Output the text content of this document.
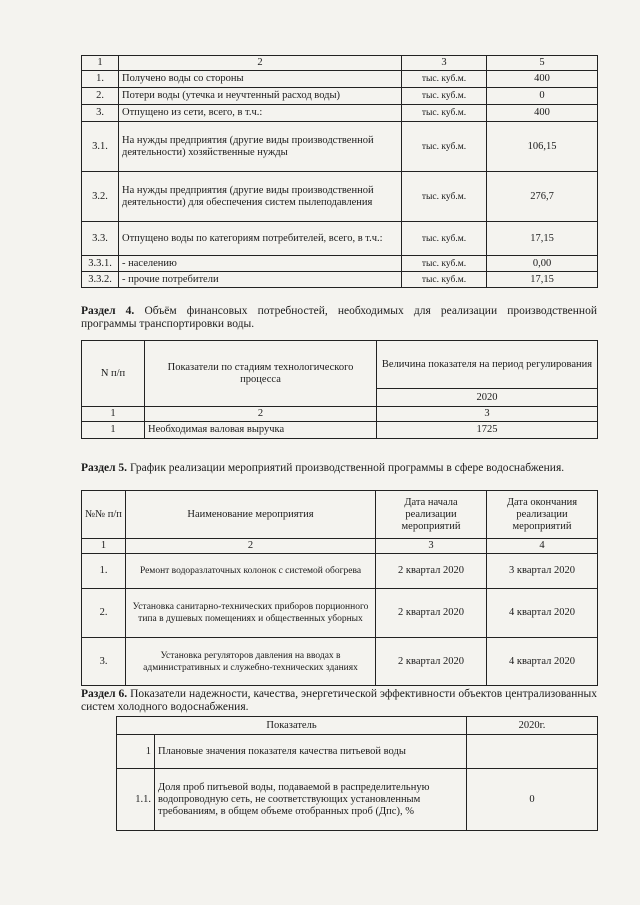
1	2	3	5
1.	Получено воды со стороны	тыс. куб.м.	400
2.	Потери воды (утечка и неучтенный расход воды)	тыс. куб.м.	0
3.	Отпущено из сети, всего, в т.ч.:	тыс. куб.м.	400
3.1.	На нужды предприятия (другие виды производственной деятельности) хозяйственные нужды	тыс. куб.м.	106,15
3.2.	На нужды предприятия (другие виды производственной деятельности) для обеспечения систем пылеподавления	тыс. куб.м.	276,7
3.3.	Отпущено воды по категориям потребителей, всего, в т.ч.:	тыс. куб.м.	17,15
3.3.1.	- населению	тыс. куб.м.	0,00
3.3.2.	- прочие потребители	тыс. куб.м.	17,15
Раздел 4. Объём финансовых потребностей, необходимых для реализации производственной программы транспортировки воды.
N п/п	Показатели по стадиям технологического процесса	Величина показателя на период регулирования
		2020
1	2	3
1	Необходимая валовая выручка	1725
Раздел 5. График реализации мероприятий производственной программы в сфере водоснабжения.
№№ п/п	Наименование мероприятия	Дата начала реализации мероприятий	Дата окончания реализации мероприятий
1	2	3	4
1.	Ремонт водоразлаточных колонок с системой обогрева	2 квартал 2020	3 квартал 2020
2.	Установка санитарно-технических приборов порционного типа в душевых помещениях и общественных уборных	2 квартал 2020	4 квартал 2020
3.	Установка регуляторов давления на вводах в административных и служебно-технических зданиях	2 квартал 2020	4 квартал 2020
Раздел 6. Показатели надежности, качества, энергетической эффективности объектов централизованных систем холодного водоснабжения.
Показатель		2020г.
1	Плановые значения показателя качества питьевой воды	
1.1.	Доля проб питьевой воды, подаваемой в распределительную водопроводную сеть, не соответствующих установленным требованиям, в общем объеме отобранных проб (Дпс), %	0
